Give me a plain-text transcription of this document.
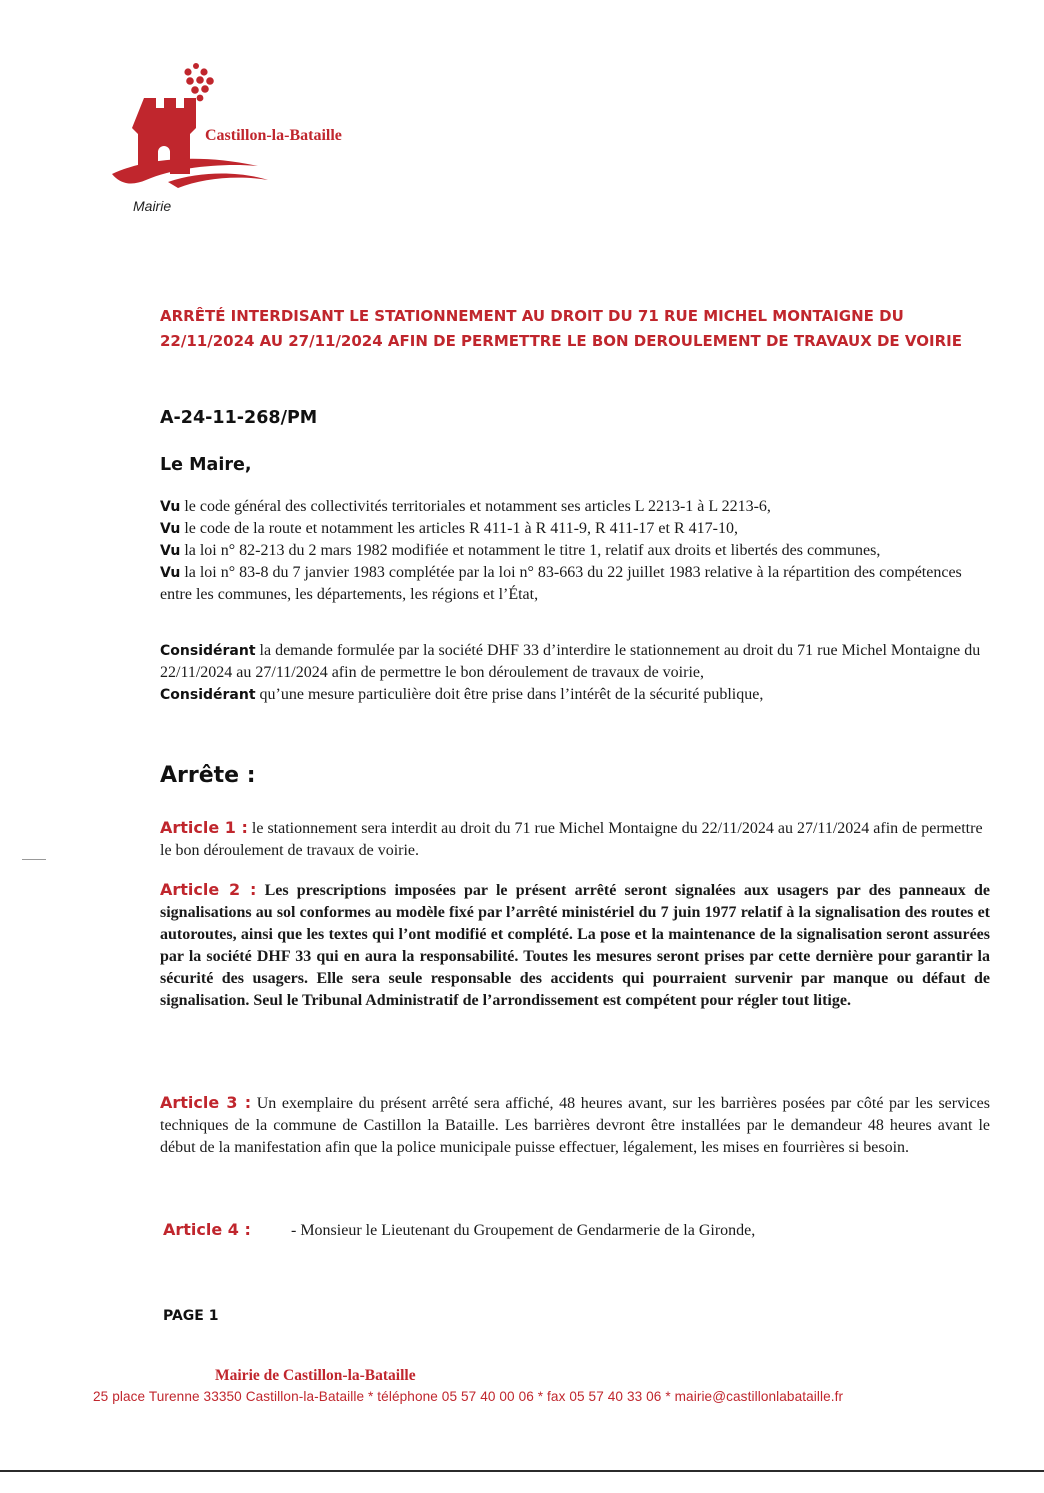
Castillon-la-Bataille
Mairie
ARRÊTÉ INTERDISANT LE STATIONNEMENT AU DROIT DU 71 RUE MICHEL MONTAIGNE DU 22/11/2024 AU 27/11/2024 AFIN DE PERMETTRE LE BON DEROULEMENT DE TRAVAUX DE VOIRIE
A-24-11-268/PM
Le Maire,
Vu le code général des collectivités territoriales et notamment ses articles L 2213-1 à L 2213-6,
Vu le code de la route et notamment les articles R 411-1 à R 411-9, R 411-17 et R 417-10,
Vu la loi n° 82-213 du 2 mars 1982 modifiée et notamment le titre 1, relatif aux droits et libertés des communes,
Vu la loi n° 83-8 du 7 janvier 1983 complétée par la loi n° 83-663 du 22 juillet 1983 relative à la répartition des compétences entre les communes, les départements, les régions et l’État,
Considérant la demande formulée par la société DHF 33 d’interdire le stationnement au droit du 71 rue Michel Montaigne du 22/11/2024 au 27/11/2024 afin de permettre le bon déroulement de travaux de voirie,
Considérant qu’une mesure particulière doit être prise dans l’intérêt de la sécurité publique,
Arrête :
Article 1 : le stationnement sera interdit au droit du 71 rue Michel Montaigne du 22/11/2024 au 27/11/2024 afin de permettre le bon déroulement de travaux de voirie.
Article 2 : Les prescriptions imposées par le présent arrêté seront signalées aux usagers par des panneaux de signalisations au sol conformes au modèle fixé par l’arrêté ministériel du 7 juin 1977 relatif à la signalisation des routes et autoroutes, ainsi que les textes qui l’ont modifié et complété. La pose et la maintenance de la signalisation seront assurées par la société DHF 33 qui en aura la responsabilité. Toutes les mesures seront prises par cette dernière pour garantir la sécurité des usagers. Elle sera seule responsable des accidents qui pourraient survenir par manque ou défaut de signalisation. Seul le Tribunal Administratif de l’arrondissement est compétent pour régler tout litige.
Article 3 : Un exemplaire du présent arrêté sera affiché, 48 heures avant, sur les barrières posées par côté par les services techniques de la commune de Castillon la Bataille. Les barrières devront être installées par le demandeur 48 heures avant le début de la manifestation afin que la police municipale puisse effectuer, légalement, les mises en fourrières si besoin.
Article 4 :	- Monsieur le Lieutenant du Groupement de Gendarmerie de la Gironde,
PAGE 1
Mairie de Castillon-la-Bataille
25 place Turenne 33350 Castillon-la-Bataille * téléphone 05 57 40 00 06 * fax 05 57 40 33 06 * mairie@castillonlabataille.fr
